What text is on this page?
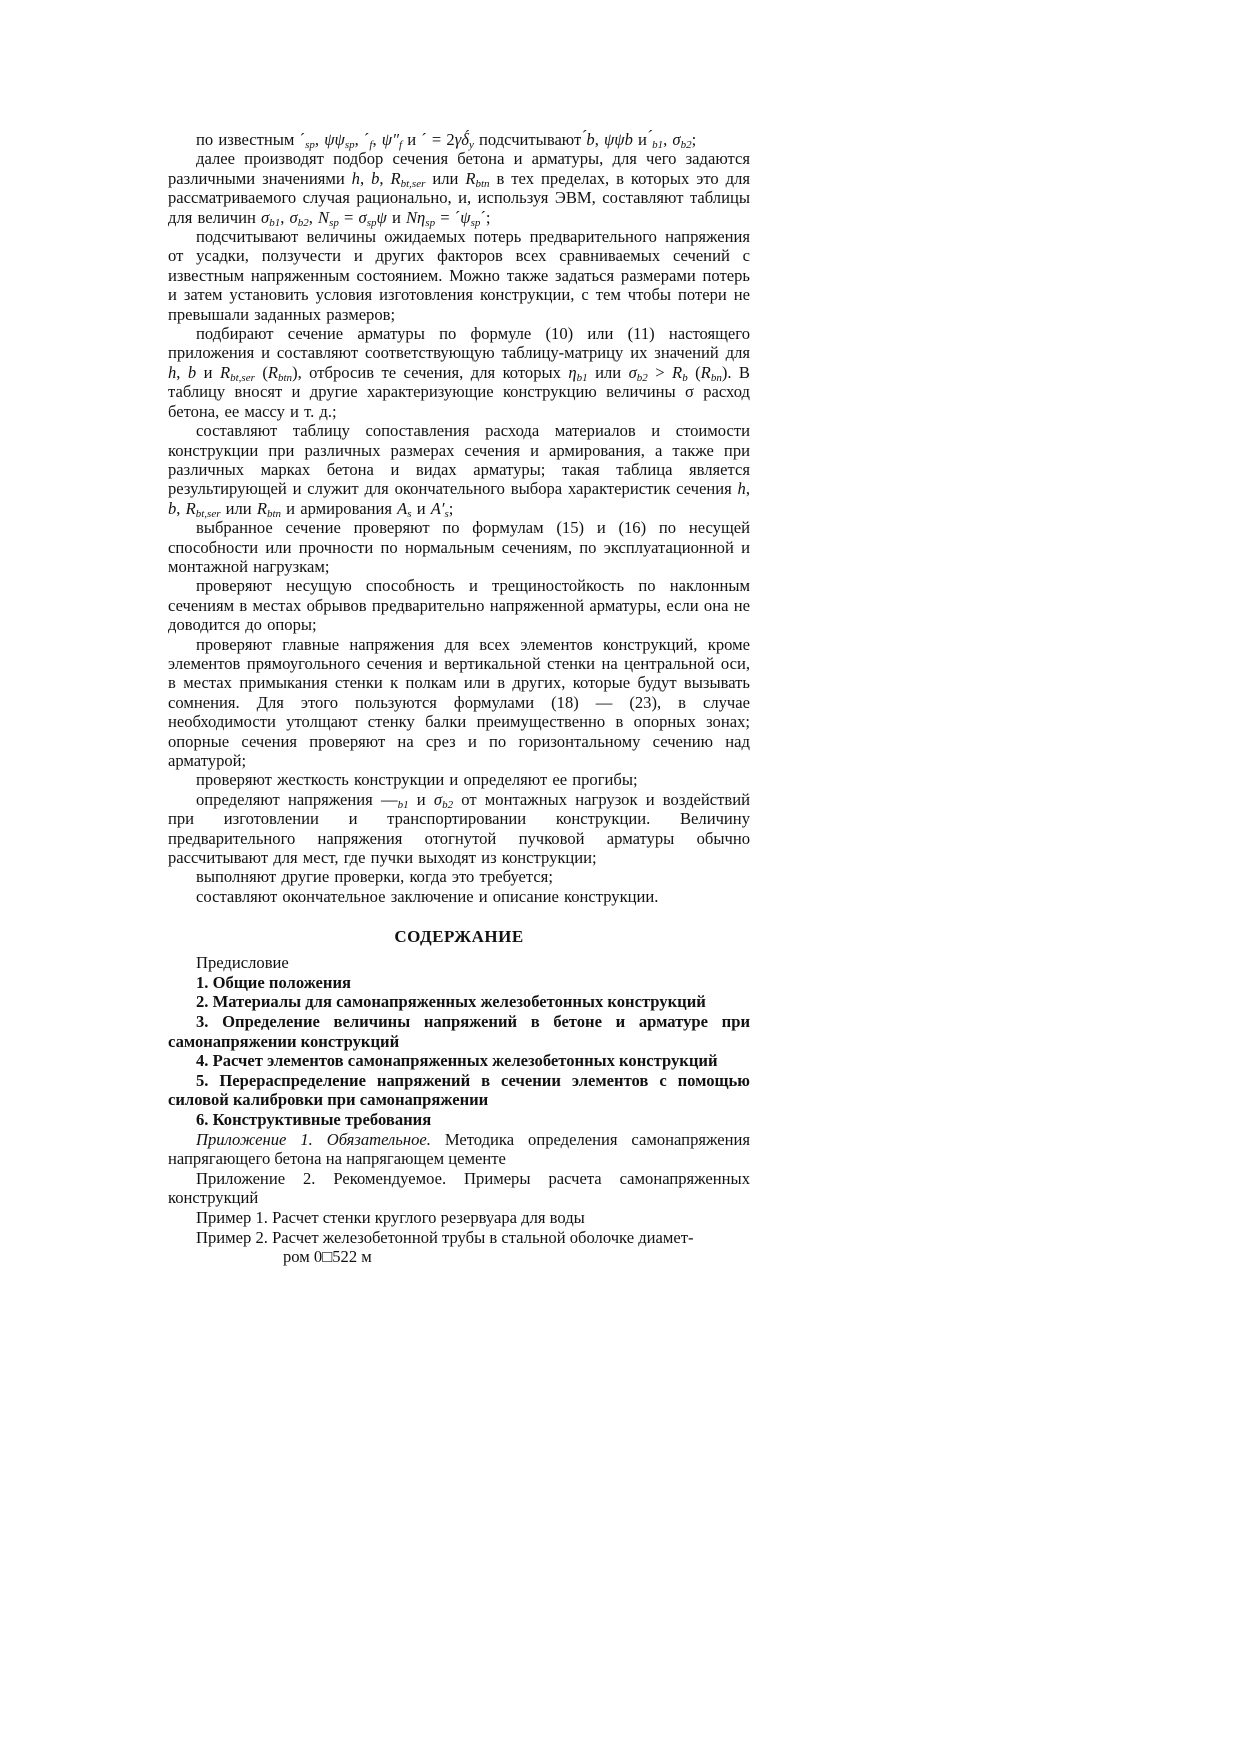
по известным $´_{sp}$, $\psi\psi_{sp}$, $´_f$, $\psi''_f$ и ´ = $2\gamma\deltá_у$ подсчитывают ́b, ψψb и $_{b1}$, $\sigma_{b2}$;

далее производят подбор сечения бетона и арматуры, для чего задаются различными значениями h, b, $R_{bt,ser}$ или $R_{btn}$ в тех пределах, в которых это для рассматриваемого случая рационально, и, используя ЭВМ, составляют таблицы для величин $\sigma_{b1}$, $\sigma_{b2}$, $N_{sp} = \sigma_{sp}\psi$ и $N\eta_{sp}$ = $´\psi_{sp}´$;

подсчитывают величины ожидаемых потерь предварительного напряжения от усадки, ползучести и других факторов всех сравниваемых сечений с известным напряженным состоянием. Можно также задаться размерами потерь и затем установить условия изготовления конструкции, с тем чтобы потери не превышали заданных размеров;

подбирают сечение арматуры по формуле (10) или (11) настоящего приложения и составляют соответствующую таблицу-матрицу их значений для h, b и $R_{bt,ser}$ $(R_{btn})$, отбросив те сечения, для которых $\eta_{b1}$ или $\sigma_{b2} > R_b$ $(R_{bn})$. В таблицу вносят и другие характеризующие конструкцию величины σ расход бетона, ее массу и т. д.;

составляют таблицу сопоставления расхода материалов и стоимости конструкции при различных размерах сечения и армирования, а также при различных марках бетона и видах арматуры; такая таблица является результирующей и служит для окончательного выбора характеристик сечения h, b, $R_{bt,ser}$ или $R_{btn}$ и армирования $A_s$ и $A'_s$;

выбранное сечение проверяют по формулам (15) и (16) по несущей способности или прочности по нормальным сечениям, по эксплуатационной и монтажной нагрузкам;

проверяют несущую способность и трещиностойкость по наклонным сечениям в местах обрывов предварительно напряженной арматуры, если она не доводится до опоры;

проверяют главные напряжения для всех элементов конструкций, кроме элементов прямоугольного сечения и вертикальной стенки на центральной оси, в местах примыкания стенки к полкам или в других, которые будут вызывать сомнения. Для этого пользуются формулами (18) — (23), в случае необходимости утолщают стенку балки преимущественно в опорных зонах; опорные сечения проверяют на срез и по горизонтальному сечению над арматурой;

проверяют жесткость конструкции и определяют ее прогибы;

определяют напряжения $—_{b1}$ и $\sigma_{b2}$ от монтажных нагрузок и воздействий при изготовлении и транспортировании конструкции. Величину предварительного напряжения отогнутой пучковой арматуры обычно рассчитывают для мест, где пучки выходят из конструкции;

выполняют другие проверки, когда это требуется;

составляют окончательное заключение и описание конструкции.

СОДЕРЖАНИЕ

Предисловие

1. Общие положения

2. Материалы для самонапряженных железобетонных конструкций

3. Определение величины напряжений в бетоне и арматуре при самонапряжении конструкций

4. Расчет элементов самонапряженных железобетонных конструкций

5. Перераспределение напряжений в сечении элементов с помощью силовой калибровки при самонапряжении

6. Конструктивные требования

Приложение 1. Обязательное. Методика определения самонапряжения напрягающего бетона на напрягающем цементе

Приложение 2. Рекомендуемое. Примеры расчета самонапряженных конструкций

Пример 1. Расчет стенки круглого резервуара для воды

Пример 2. Расчет железобетонной трубы в стальной оболочке диамет-

ром 0□522 м
